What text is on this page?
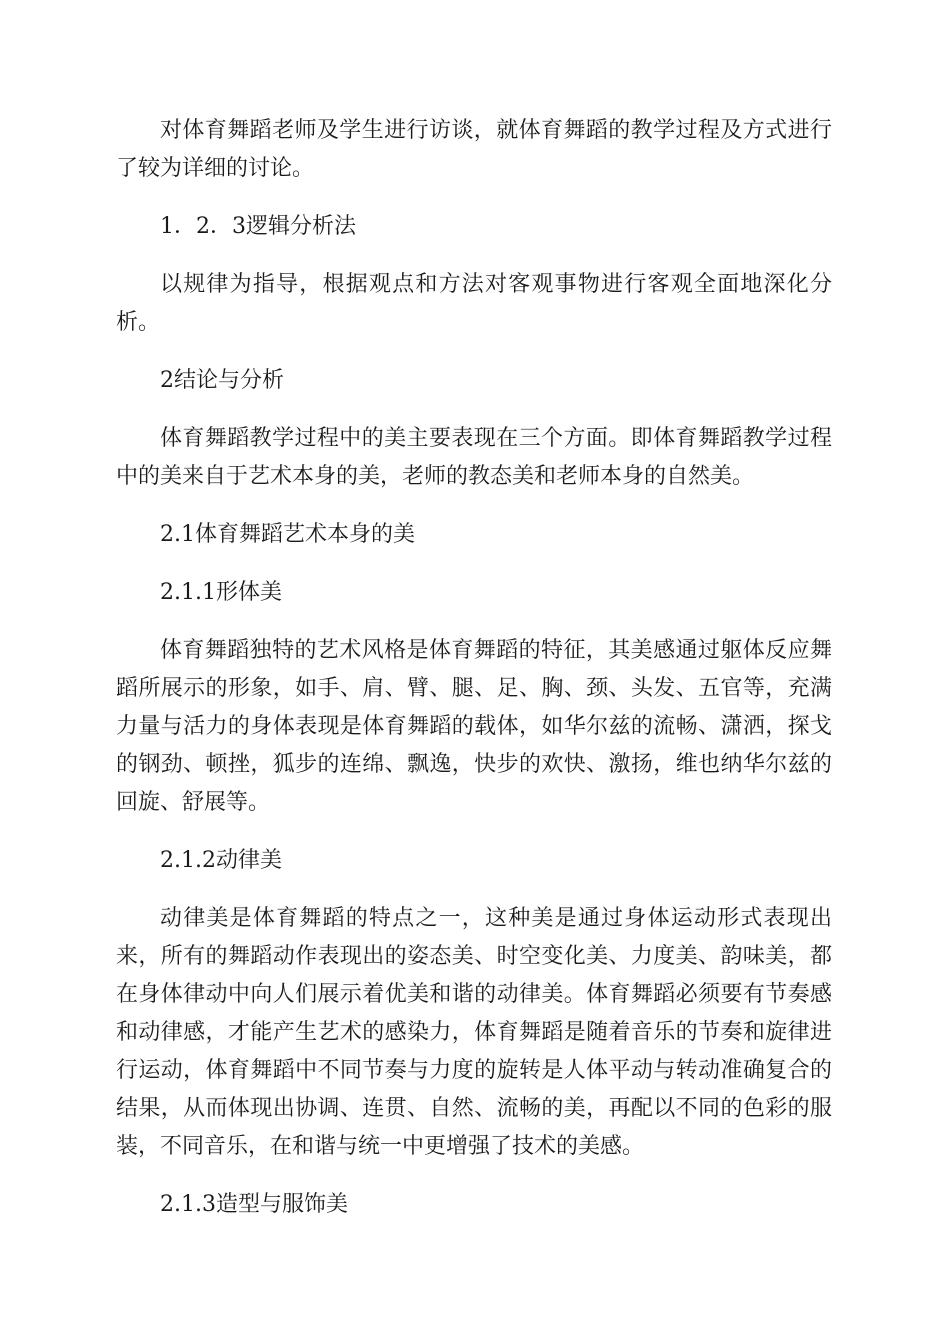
对体育舞蹈老师及学生进行访谈，就体育舞蹈的教学过程及方式进行了较为详细的讨论。

1．2．3逻辑分析法

以规律为指导，根据观点和方法对客观事物进行客观全面地深化分析。

2结论与分析

体育舞蹈教学过程中的美主要表现在三个方面。即体育舞蹈教学过程中的美来自于艺术本身的美，老师的教态美和老师本身的自然美。

2.1体育舞蹈艺术本身的美

2.1.1形体美

体育舞蹈独特的艺术风格是体育舞蹈的特征，其美感通过躯体反应舞蹈所展示的形象，如手、肩、臂、腿、足、胸、颈、头发、五官等，充满力量与活力的身体表现是体育舞蹈的载体，如华尔兹的流畅、潇洒，探戈的钢劲、顿挫，狐步的连绵、飘逸，快步的欢快、激扬，维也纳华尔兹的回旋、舒展等。

2.1.2动律美

动律美是体育舞蹈的特点之一，这种美是通过身体运动形式表现出来，所有的舞蹈动作表现出的姿态美、时空变化美、力度美、韵味美，都在身体律动中向人们展示着优美和谐的动律美。体育舞蹈必须要有节奏感和动律感，才能产生艺术的感染力，体育舞蹈是随着音乐的节奏和旋律进行运动，体育舞蹈中不同节奏与力度的旋转是人体平动与转动准确复合的结果，从而体现出协调、连贯、自然、流畅的美，再配以不同的色彩的服装，不同音乐，在和谐与统一中更增强了技术的美感。

2.1.3造型与服饰美
